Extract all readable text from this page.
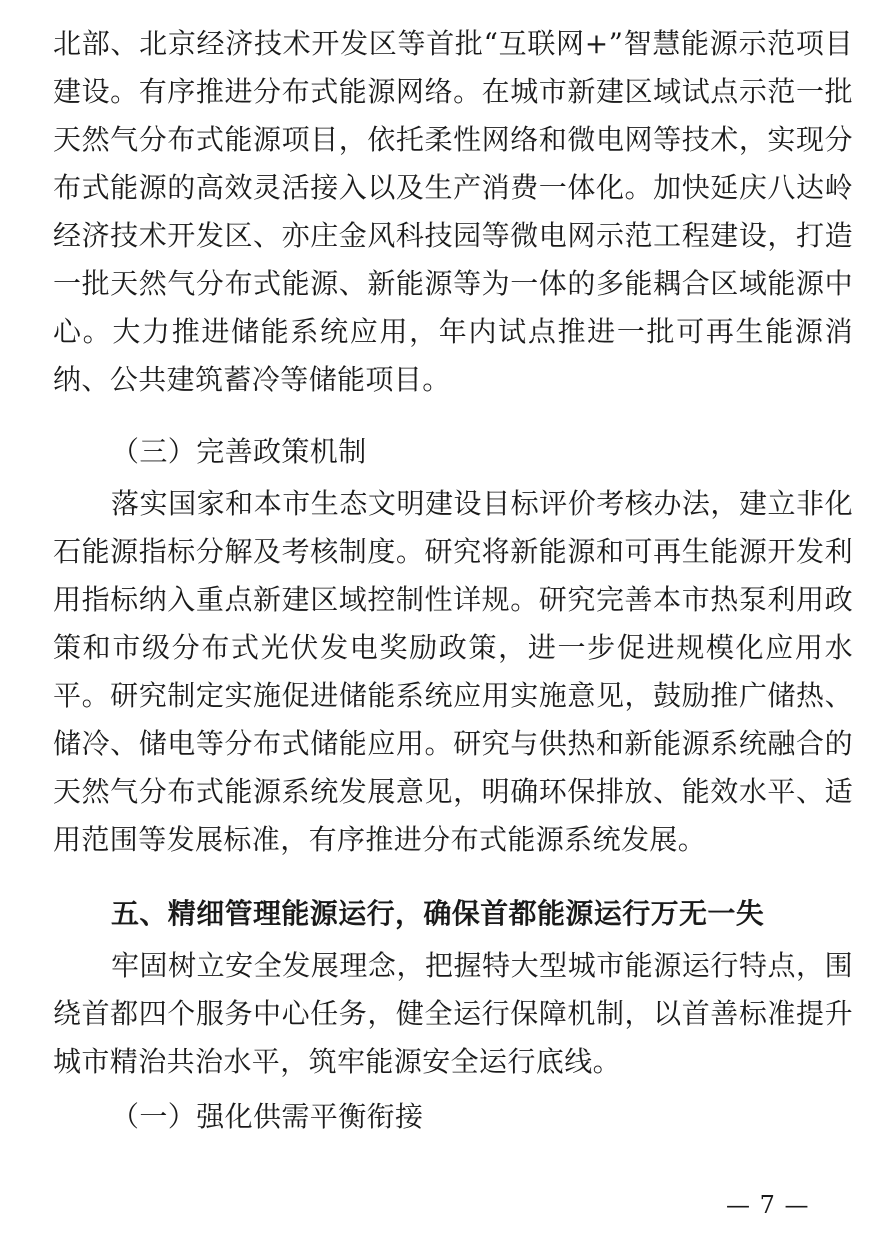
北部、北京经济技术开发区等首批“互联网+”智慧能源示范项目建设。有序推进分布式能源网络。在城市新建区域试点示范一批天然气分布式能源项目，依托柔性网络和微电网等技术，实现分布式能源的高效灵活接入以及生产消费一体化。加快延庆八达岭经济技术开发区、亦庄金风科技园等微电网示范工程建设，打造一批天然气分布式能源、新能源等为一体的多能耦合区域能源中心。大力推进储能系统应用，年内试点推进一批可再生能源消纳、公共建筑蓄冷等储能项目。

（三）完善政策机制

落实国家和本市生态文明建设目标评价考核办法，建立非化石能源指标分解及考核制度。研究将新能源和可再生能源开发利用指标纳入重点新建区域控制性详规。研究完善本市热泵利用政策和市级分布式光伏发电奖励政策，进一步促进规模化应用水平。研究制定实施促进储能系统应用实施意见，鼓励推广储热、储冷、储电等分布式储能应用。研究与供热和新能源系统融合的天然气分布式能源系统发展意见，明确环保排放、能效水平、适用范围等发展标准，有序推进分布式能源系统发展。

五、精细管理能源运行，确保首都能源运行万无一失

牢固树立安全发展理念，把握特大型城市能源运行特点，围绕首都四个服务中心任务，健全运行保障机制，以首善标准提升城市精治共治水平，筑牢能源安全运行底线。

（一）强化供需平衡衔接

— 7 —
